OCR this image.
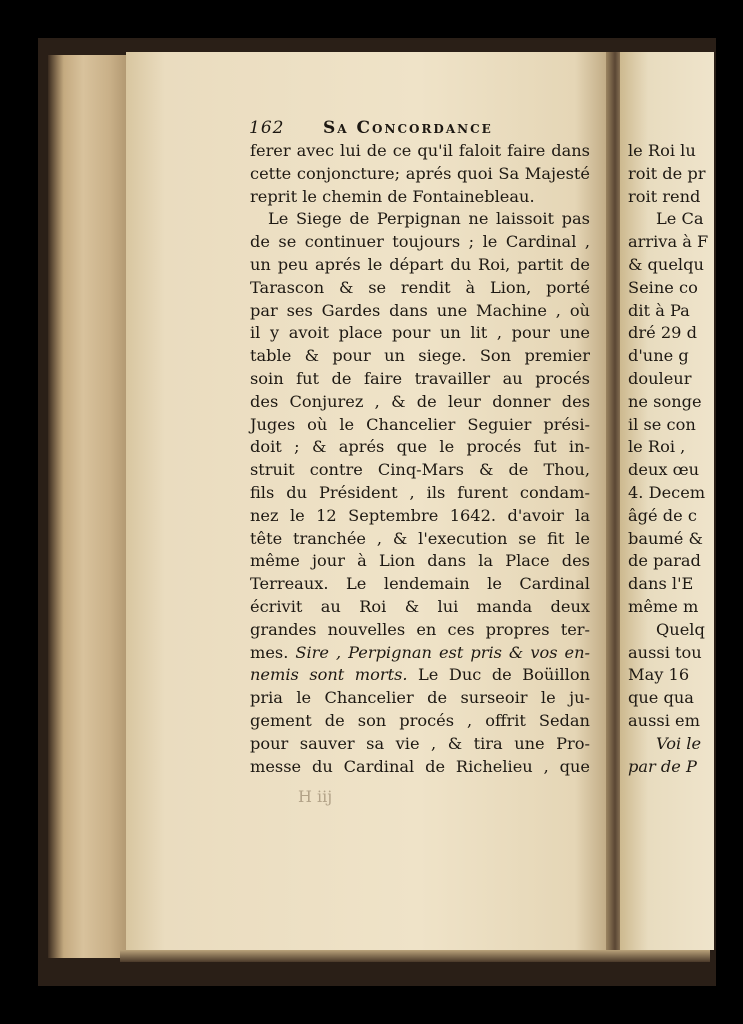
162 Sa Concordance
ferer avec lui de ce qu'il faloit faire dans
cette conjoncture; aprés quoi Sa Majesté
reprit le chemin de Fontainebleau.
Le Siege de Perpignan ne laissoit pas
de se continuer toujours ; le Cardinal ,
un peu aprés le départ du Roi, partit de
Tarascon & se rendit à Lion, porté
par ses Gardes dans une Machine , où
il y avoit place pour un lit , pour une
table & pour un siege. Son premier
soin fut de faire travailler au procés
des Conjurez , & de leur donner des
Juges où le Chancelier Seguier prési-
doit ; & aprés que le procés fut in-
struit contre Cinq-Mars & de Thou,
fils du Président , ils furent condam-
nez le 12 Septembre 1642. d'avoir la
tête tranchée , & l'execution se fit le
même jour à Lion dans la Place des
Terreaux. Le lendemain le Cardinal
écrivit au Roi & lui manda deux
grandes nouvelles en ces propres ter-
mes. Sire , Perpignan est pris & vos en-
nemis sont morts. Le Duc de Boüillon
pria le Chancelier de surseoir le ju-
gement de son procés , offrit Sedan
pour sauver sa vie , & tira une Pro-
messe du Cardinal de Richelieu , que
H iij
le Roi lu
roit de pr
roit rend
Le Ca
arriva à F
& quelqu
Seine co
dit à Pa
dré 29 d
d'une g
douleur
ne songe
il se con
le Roi ,
deux œu
4. Decem
âgé de c
baumé &
de parad
dans l'E
même m
Quelq
aussi tou
May 16
que qua
aussi em
Voi le
par de P
